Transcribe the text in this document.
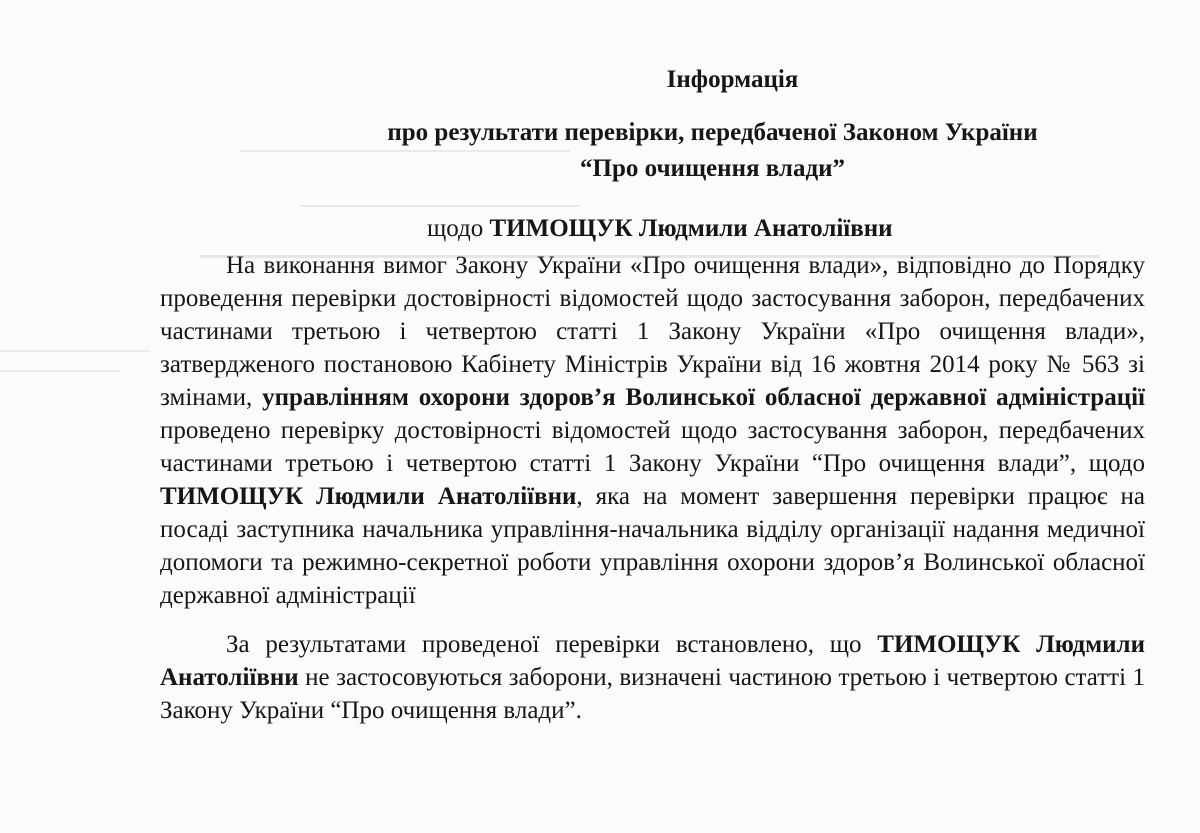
Інформація
про результати перевірки, передбаченої Законом України
“Про очищення влади”
щодо ТИМОЩУК Людмили Анатоліївни

На виконання вимог Закону України «Про очищення влади», відповідно до Порядку проведення перевірки достовірності відомостей щодо застосування заборон, передбачених частинами третьою і четвертою статті 1 Закону України «Про очищення влади», затвердженого постановою Кабінету Міністрів України від 16 жовтня 2014 року № 563 зі змінами, управлінням охорони здоров’я Волинської обласної державної адміністрації проведено перевірку достовірності відомостей щодо застосування заборон, передбачених частинами третьою і четвертою статті 1 Закону України “Про очищення влади”, щодо ТИМОЩУК Людмили Анатоліївни, яка на момент завершення перевірки працює на посаді заступника начальника управління-начальника відділу організації надання медичної допомоги та режимно-секретної роботи управління охорони здоров’я Волинської обласної державної адміністрації

За результатами проведеної перевірки встановлено, що ТИМОЩУК Людмили Анатоліївни не застосовуються заборони, визначені частиною третьою і четвертою статті 1 Закону України “Про очищення влади”.
